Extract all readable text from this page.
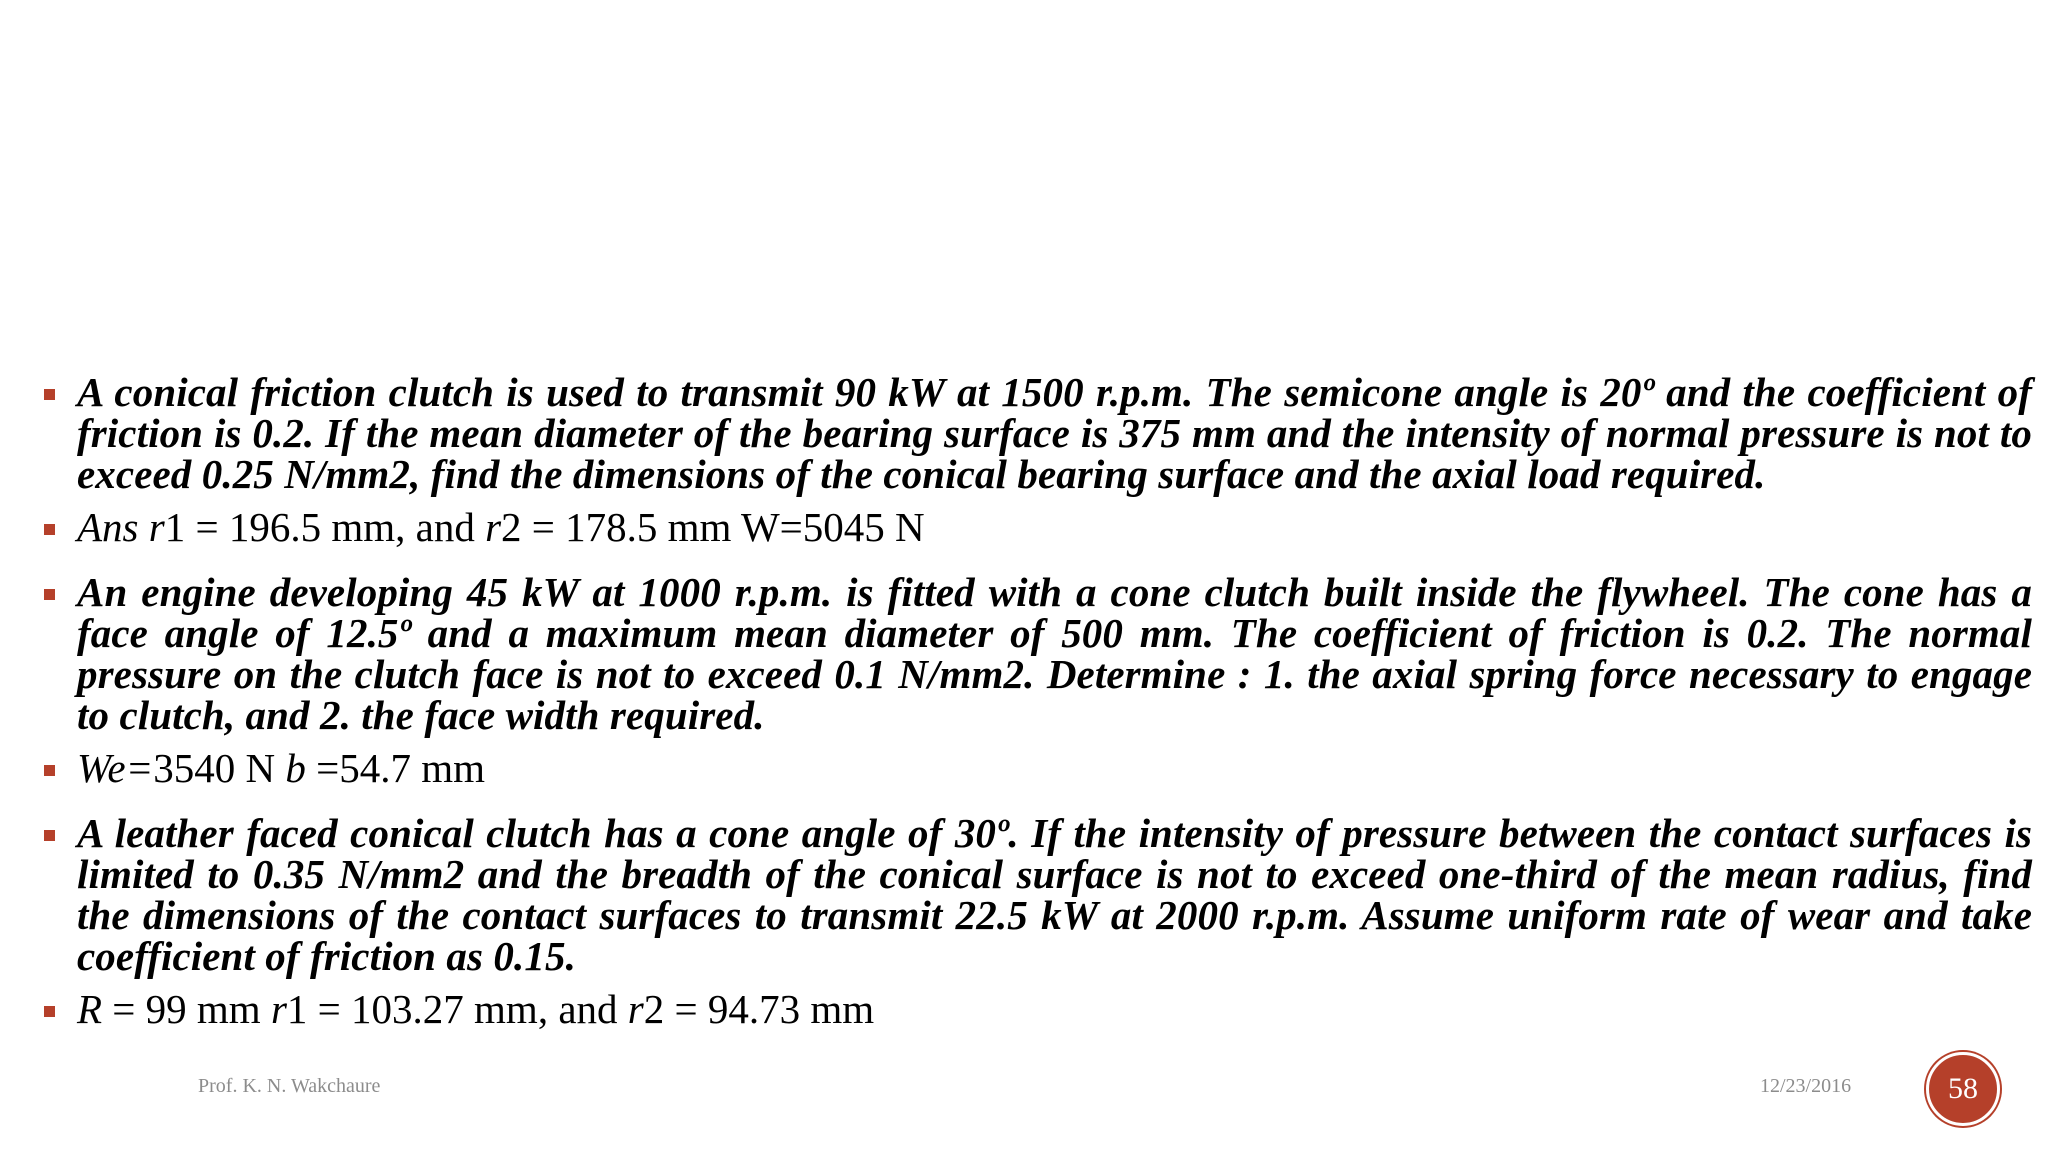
A conical friction clutch is used to transmit 90 kW at 1500 r.p.m. The semicone angle is 20º and the coefficient of friction is 0.2. If the mean diameter of the bearing surface is 375 mm and the intensity of normal pressure is not to exceed 0.25 N/mm2, find the dimensions of the conical bearing surface and the axial load required.
Ans r1 = 196.5 mm, and r2 = 178.5 mm W=5045 N
An engine developing 45 kW at 1000 r.p.m. is fitted with a cone clutch built inside the flywheel. The cone has a face angle of 12.5º and a maximum mean diameter of 500 mm. The coefficient of friction is 0.2. The normal pressure on the clutch face is not to exceed 0.1 N/mm2. Determine : 1. the axial spring force necessary to engage to clutch, and 2. the face width required.
We=3540 N b =54.7 mm
A leather faced conical clutch has a cone angle of 30º. If the intensity of pressure between the contact surfaces is limited to 0.35 N/mm2 and the breadth of the conical surface is not to exceed one-third of the mean radius, find the dimensions of the contact surfaces to transmit 22.5 kW at 2000 r.p.m. Assume uniform rate of wear and take coefficient of friction as 0.15.
R = 99 mm r1 = 103.27 mm, and r2 = 94.73 mm
Prof. K. N. Wakchaure	12/23/2016	58
